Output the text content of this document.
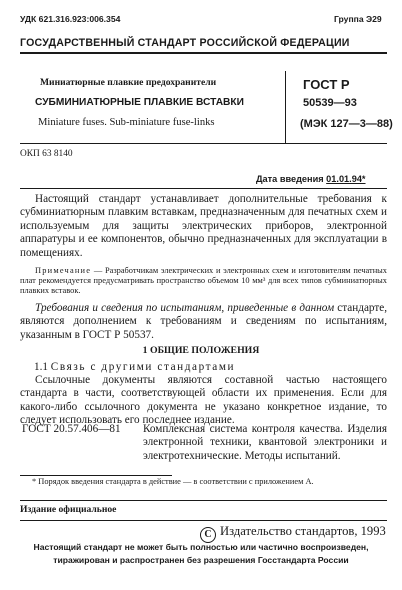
УДК 621.316.923:006.354	Группа Э29
ГОСУДАРСТВЕННЫЙ СТАНДАРТ РОССИЙСКОЙ ФЕДЕРАЦИИ
Миниатюрные плавкие предохранители
СУБМИНИАТЮРНЫЕ ПЛАВКИЕ ВСТАВКИ
Miniature fuses. Sub-miniature fuse-links
ГОСТ Р
50539—93
(МЭК 127—3—88)
ОКП 63 8140
Дата введения 01.01.94*
Настоящий стандарт устанавливает дополнительные требования к субминиатюрным плавким вставкам, предназначенным для печатных схем и используемым для защиты электрических приборов, электронной аппаратуры и ее компонентов, обычно предназначенных для эксплуатации в помещениях.
Примечание — Разработчикам электрических и электронных схем и изготовителям печатных плат рекомендуется предусматривать пространство объемом 10 мм³ для всех типов субминиатюрных плавких вставок.
Требования и сведения по испытаниям, приведенные в данном стандарте, являются дополнением к требованиям и сведениям по испытаниям, указанным в ГОСТ Р 50537.
1 ОБЩИЕ ПОЛОЖЕНИЯ
1.1 Связь с другими стандартами
Ссылочные документы являются составной частью настоящего стандарта в части, соответствующей области их применения. Если для какого-либо ссылочного документа не указано конкретное издание, то следует использовать его последнее издание.
ГОСТ 20.57.406—81 Комплексная система контроля качества. Изделия электронной техники, квантовой электроники и электротехнические. Методы испытаний.
* Порядок введения стандарта в действие — в соответствии с приложением А.
Издание официальное
C Издательство стандартов, 1993
Настоящий стандарт не может быть полностью или частично воспроизведен,
тиражирован и распространен без разрешения Госстандарта России
